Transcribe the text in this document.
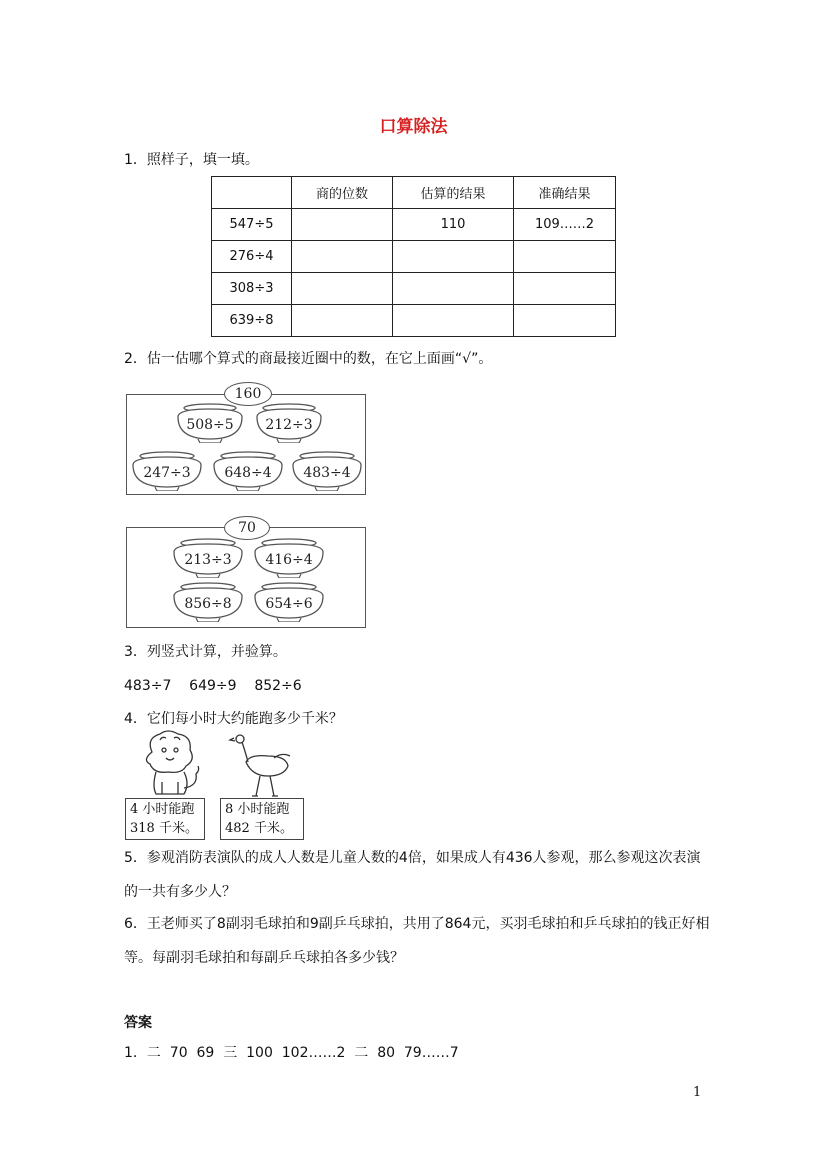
口算除法
1．照样子，填一填。
	商的位数	估算的结果	准确结果
547÷5		110	109……2
276÷4			
308÷3			
639÷8			
2．估一估哪个算式的商最接近圈中的数，在它上面画“√”。
160
508÷5	212÷3
247÷3	648÷4	483÷4
70
213÷3	416÷4
856÷8	654÷6
3．列竖式计算，并验算。
483÷7    649÷9    852÷6
4．它们每小时大约能跑多少千米？
4 小时能跑
318 千米。
8 小时能跑
482 千米。
5．参观消防表演队的成人人数是儿童人数的4倍，如果成人有436人参观，那么参观这次表演的一共有多少人？
6．王老师买了8副羽毛球拍和9副乒乓球拍，共用了864元，买羽毛球拍和乒乓球拍的钱正好相等。每副羽毛球拍和每副乒乓球拍各多少钱？
答案
1．二  70  69  三  100  102……2  二  80  79……7
1
